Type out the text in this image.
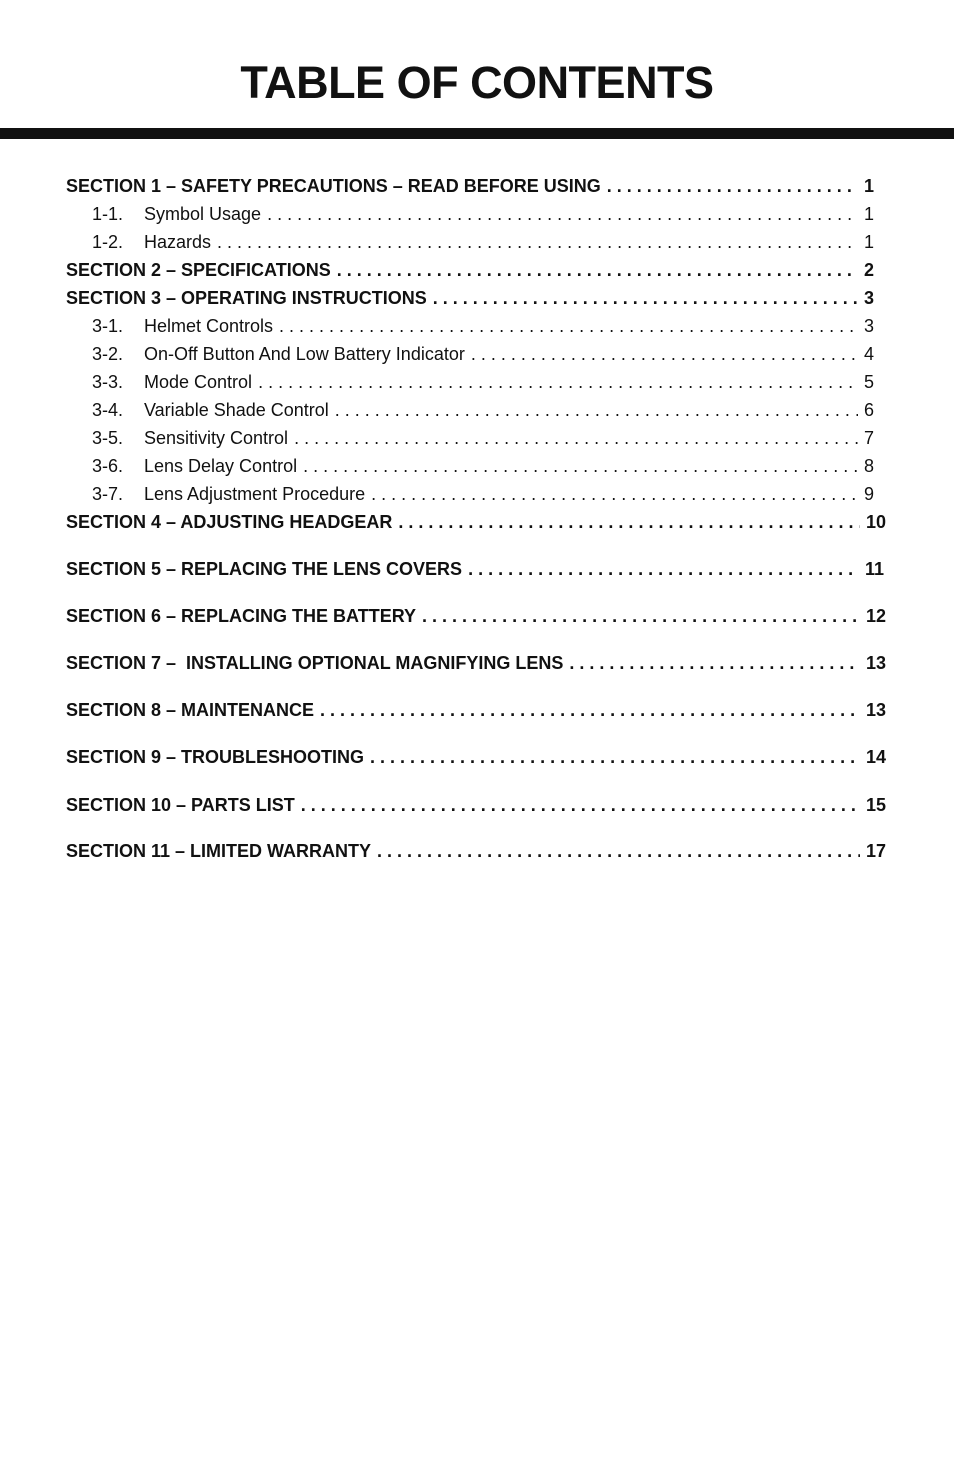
TABLE OF CONTENTS
SECTION 1 – SAFETY PRECAUTIONS – READ BEFORE USING . . .	1
1-1.	Symbol Usage . . .	1
1-2.	Hazards . . .	1
SECTION 2 – SPECIFICATIONS . . .	2
SECTION 3 – OPERATING INSTRUCTIONS . . .	3
3-1.	Helmet Controls . . .	3
3-2.	On-Off Button And Low Battery Indicator . . .	4
3-3.	Mode Control . . .	5
3-4.	Variable Shade Control . . .	6
3-5.	Sensitivity Control . . .	7
3-6.	Lens Delay Control . . .	8
3-7.	Lens Adjustment Procedure . . .	9
SECTION 4 – ADJUSTING HEADGEAR . . .	10
SECTION 5 – REPLACING THE LENS COVERS . . .	11
SECTION 6 – REPLACING THE BATTERY . . .	12
SECTION 7 –  INSTALLING OPTIONAL MAGNIFYING LENS . . .	13
SECTION 8 – MAINTENANCE . . .	13
SECTION 9 – TROUBLESHOOTING . . .	14
SECTION 10 – PARTS LIST . . .	15
SECTION 11 – LIMITED WARRANTY . . .	17
